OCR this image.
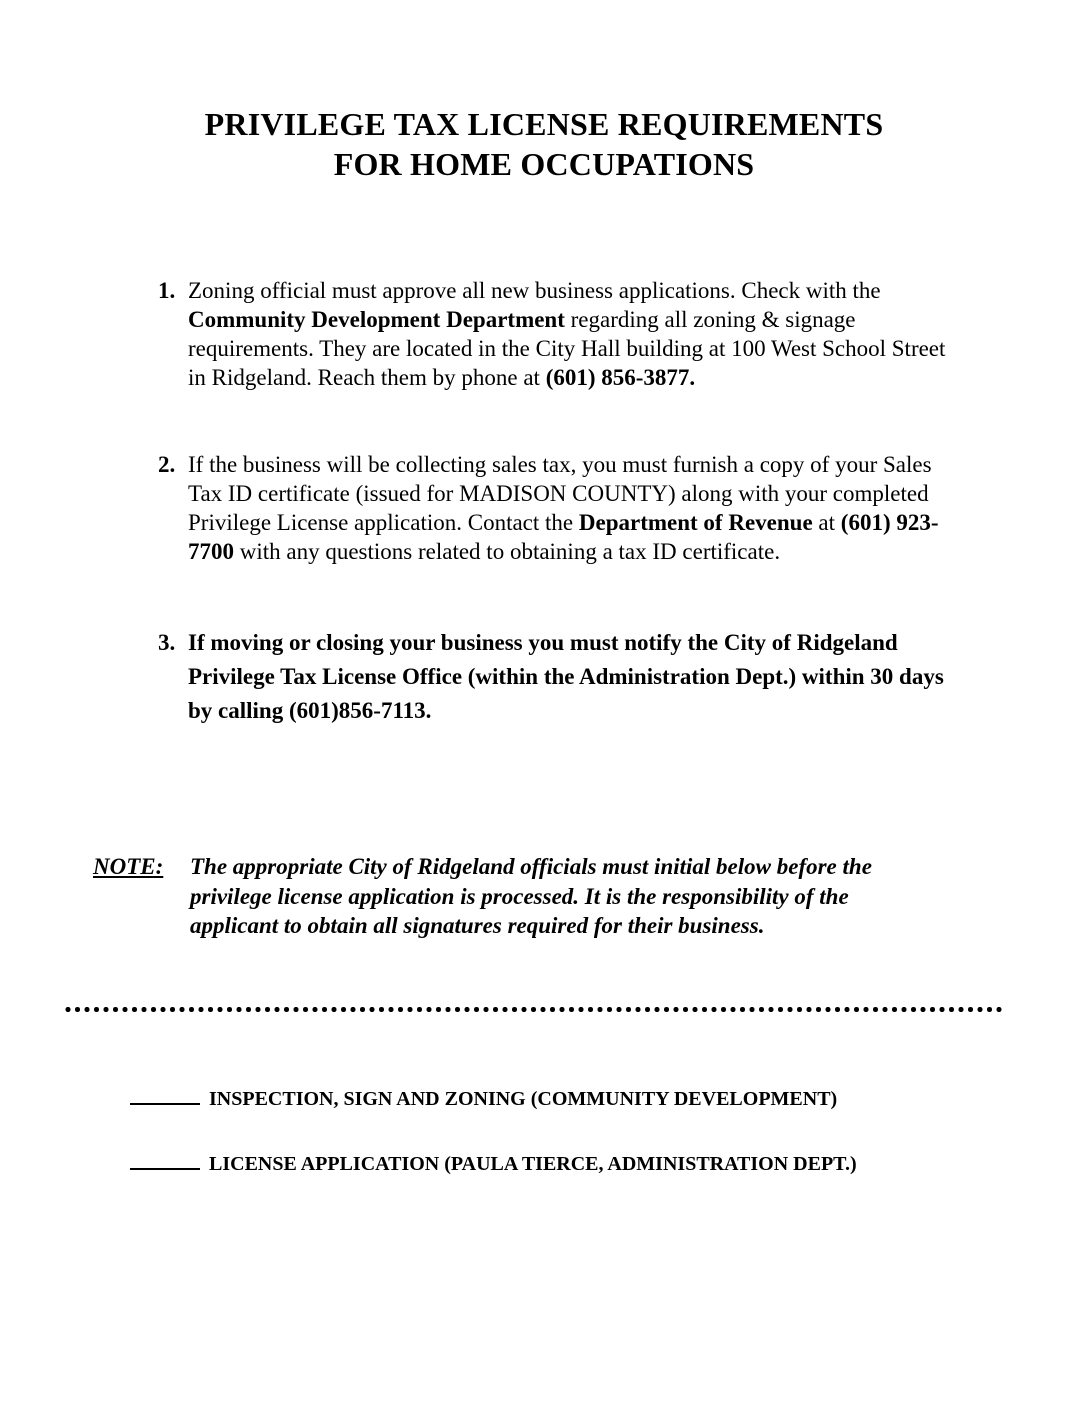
PRIVILEGE TAX LICENSE REQUIREMENTS
FOR HOME OCCUPATIONS
1. Zoning official must approve all new business applications. Check with the Community Development Department regarding all zoning & signage requirements. They are located in the City Hall building at 100 West School Street in Ridgeland. Reach them by phone at (601) 856-3877.
2. If the business will be collecting sales tax, you must furnish a copy of your Sales Tax ID certificate (issued for MADISON COUNTY) along with your completed Privilege License application. Contact the Department of Revenue at (601) 923-7700 with any questions related to obtaining a tax ID certificate.
3. If moving or closing your business you must notify the City of Ridgeland Privilege Tax License Office (within the Administration Dept.) within 30 days by calling (601)856-7113.
NOTE:	The appropriate City of Ridgeland officials must initial below before the privilege license application is processed. It is the responsibility of the applicant to obtain all signatures required for their business.
INSPECTION, SIGN AND ZONING (COMMUNITY DEVELOPMENT)
LICENSE APPLICATION (PAULA TIERCE, ADMINISTRATION DEPT.)
